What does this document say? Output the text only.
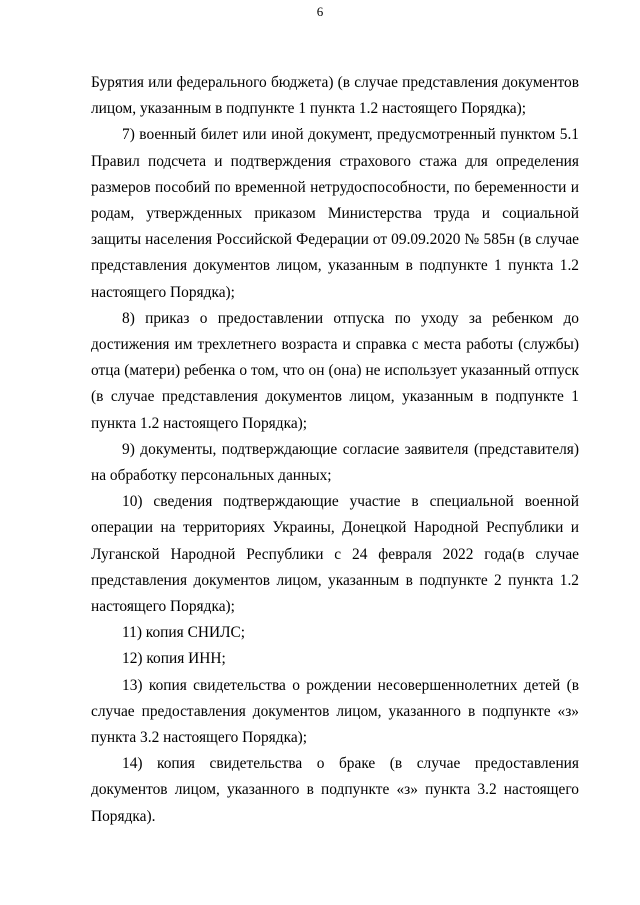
6

Бурятия или федерального бюджета) (в случае представления документов лицом, указанным в подпункте 1 пункта 1.2 настоящего Порядка);

7) военный билет или иной документ, предусмотренный пунктом 5.1 Правил подсчета и подтверждения страхового стажа для определения размеров пособий по временной нетрудоспособности, по беременности и родам, утвержденных приказом Министерства труда и социальной защиты населения Российской Федерации от 09.09.2020 № 585н (в случае представления документов лицом, указанным в подпункте 1 пункта 1.2 настоящего Порядка);

8) приказ о предоставлении отпуска по уходу за ребенком до достижения им трехлетнего возраста и справка с места работы (службы) отца (матери) ребенка о том, что он (она) не использует указанный отпуск (в случае представления документов лицом, указанным в подпункте 1 пункта 1.2 настоящего Порядка);

9) документы, подтверждающие согласие заявителя (представителя) на обработку персональных данных;

10) сведения подтверждающие участие в специальной военной операции на территориях Украины, Донецкой Народной Республики и Луганской Народной Республики с 24 февраля 2022 года(в случае представления документов лицом, указанным в подпункте 2 пункта 1.2 настоящего Порядка);

11) копия СНИЛС;

12) копия ИНН;

13) копия свидетельства о рождении несовершеннолетних детей (в случае предоставления документов лицом, указанного в подпункте «з» пункта 3.2 настоящего Порядка);

14) копия свидетельства о браке (в случае предоставления документов лицом, указанного в подпункте «з» пункта 3.2 настоящего Порядка).
